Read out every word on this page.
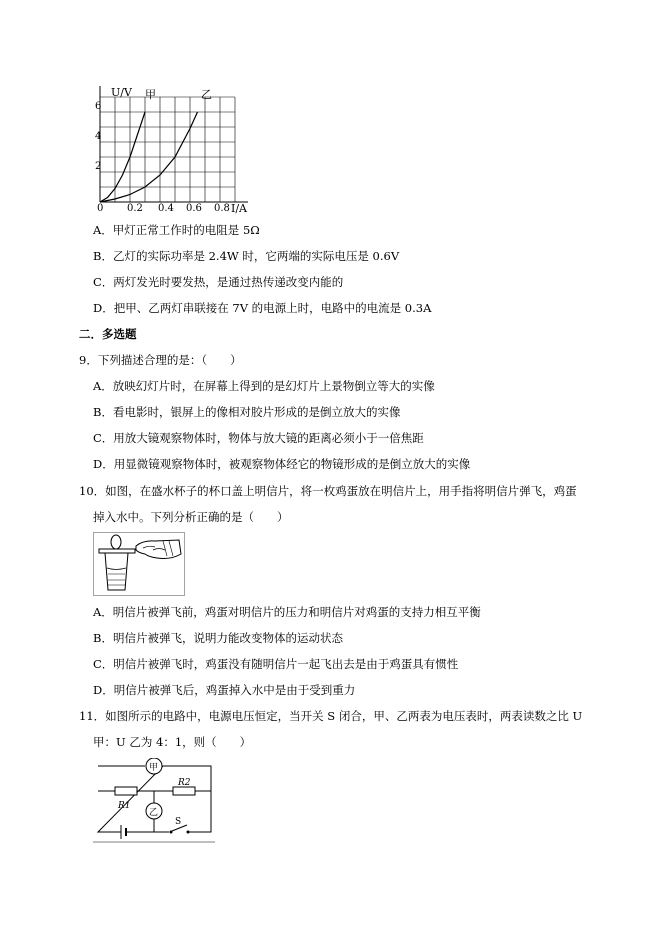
U/V
I/A
甲	乙
6
4
2
0 0.2 0.4 0.6 0.8
A．甲灯正常工作时的电阻是 5Ω
B．乙灯的实际功率是 2.4W 时，它两端的实际电压是 0.6V
C．两灯发光时要发热，是通过热传递改变内能的
D．把甲、乙两灯串联接在 7V 的电源上时，电路中的电流是 0.3A
二．多选题
9．下列描述合理的是：（　　）
A．放映幻灯片时，在屏幕上得到的是幻灯片上景物倒立等大的实像
B．看电影时，银屏上的像相对胶片形成的是倒立放大的实像
C．用放大镜观察物体时，物体与放大镜的距离必须小于一倍焦距
D．用显微镜观察物体时，被观察物体经它的物镜形成的是倒立放大的实像
10．如图，在盛水杯子的杯口盖上明信片，将一枚鸡蛋放在明信片上，用手指将明信片弹飞，鸡蛋
掉入水中。下列分析正确的是（　　）
A．明信片被弹飞前，鸡蛋对明信片的压力和明信片对鸡蛋的支持力相互平衡
B．明信片被弹飞，说明力能改变物体的运动状态
C．明信片被弹飞时，鸡蛋没有随明信片一起飞出去是由于鸡蛋具有惯性
D．明信片被弹飞后，鸡蛋掉入水中是由于受到重力
11．如图所示的电路中，电源电压恒定，当开关 S 闭合，甲、乙两表为电压表时，两表读数之比 U
甲：U 乙为 4：1，则（　　）
甲
R1
R2
乙
S
